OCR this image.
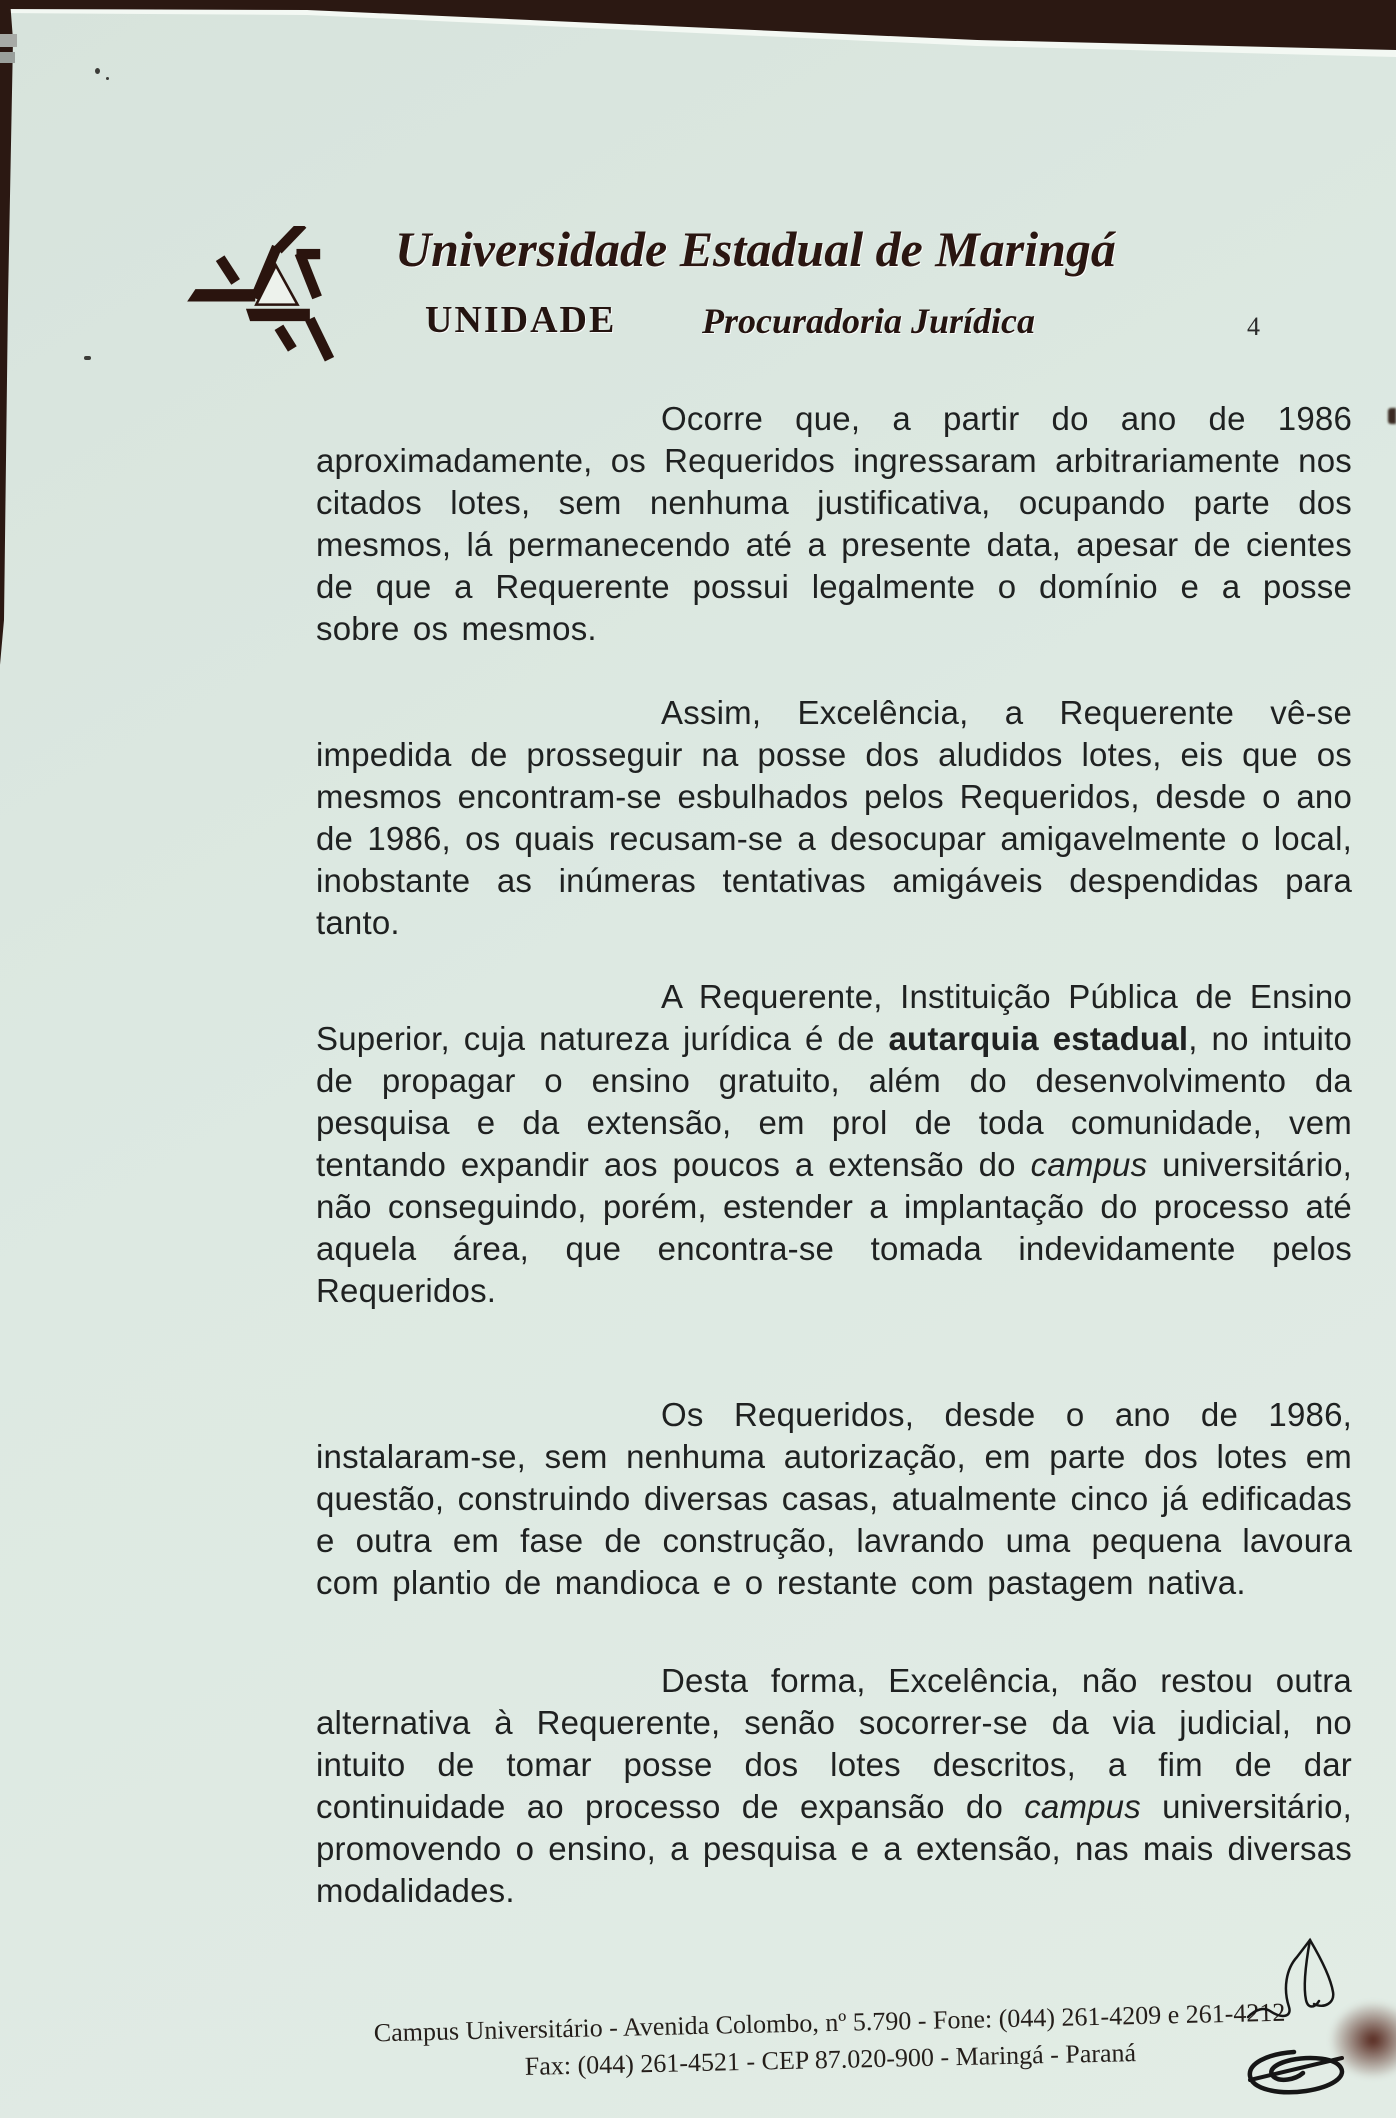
Universidade Estadual de Maringá
UNIDADE Procuradoria Jurídica	4

Ocorre que, a partir do ano de 1986 aproximadamente, os Requeridos ingressaram arbitrariamente nos citados lotes, sem nenhuma justificativa, ocupando parte dos mesmos, lá permanecendo até a presente data, apesar de cientes de que a Requerente possui legalmente o domínio e a posse sobre os mesmos.

Assim, Excelência, a Requerente vê-se impedida de prosseguir na posse dos aludidos lotes, eis que os mesmos encontram-se esbulhados pelos Requeridos, desde o ano de 1986, os quais recusam-se a desocupar amigavelmente o local, inobstante as inúmeras tentativas amigáveis despendidas para tanto.

A Requerente, Instituição Pública de Ensino Superior, cuja natureza jurídica é de autarquia estadual, no intuito de propagar o ensino gratuito, além do desenvolvimento da pesquisa e da extensão, em prol de toda comunidade, vem tentando expandir aos poucos a extensão do campus universitário, não conseguindo, porém, estender a implantação do processo até aquela área, que encontra-se tomada indevidamente pelos Requeridos.

Os Requeridos, desde o ano de 1986, instalaram-se, sem nenhuma autorização, em parte dos lotes em questão, construindo diversas casas, atualmente cinco já edificadas e outra em fase de construção, lavrando uma pequena lavoura com plantio de mandioca e o restante com pastagem nativa.

Desta forma, Excelência, não restou outra alternativa à Requerente, senão socorrer-se da via judicial, no intuito de tomar posse dos lotes descritos, a fim de dar continuidade ao processo de expansão do campus universitário, promovendo o ensino, a pesquisa e a extensão, nas mais diversas modalidades.

Campus Universitário - Avenida Colombo, nº 5.790 - Fone: (044) 261-4209 e 261-4212
Fax: (044) 261-4521 - CEP 87.020-900 - Maringá - Paraná
